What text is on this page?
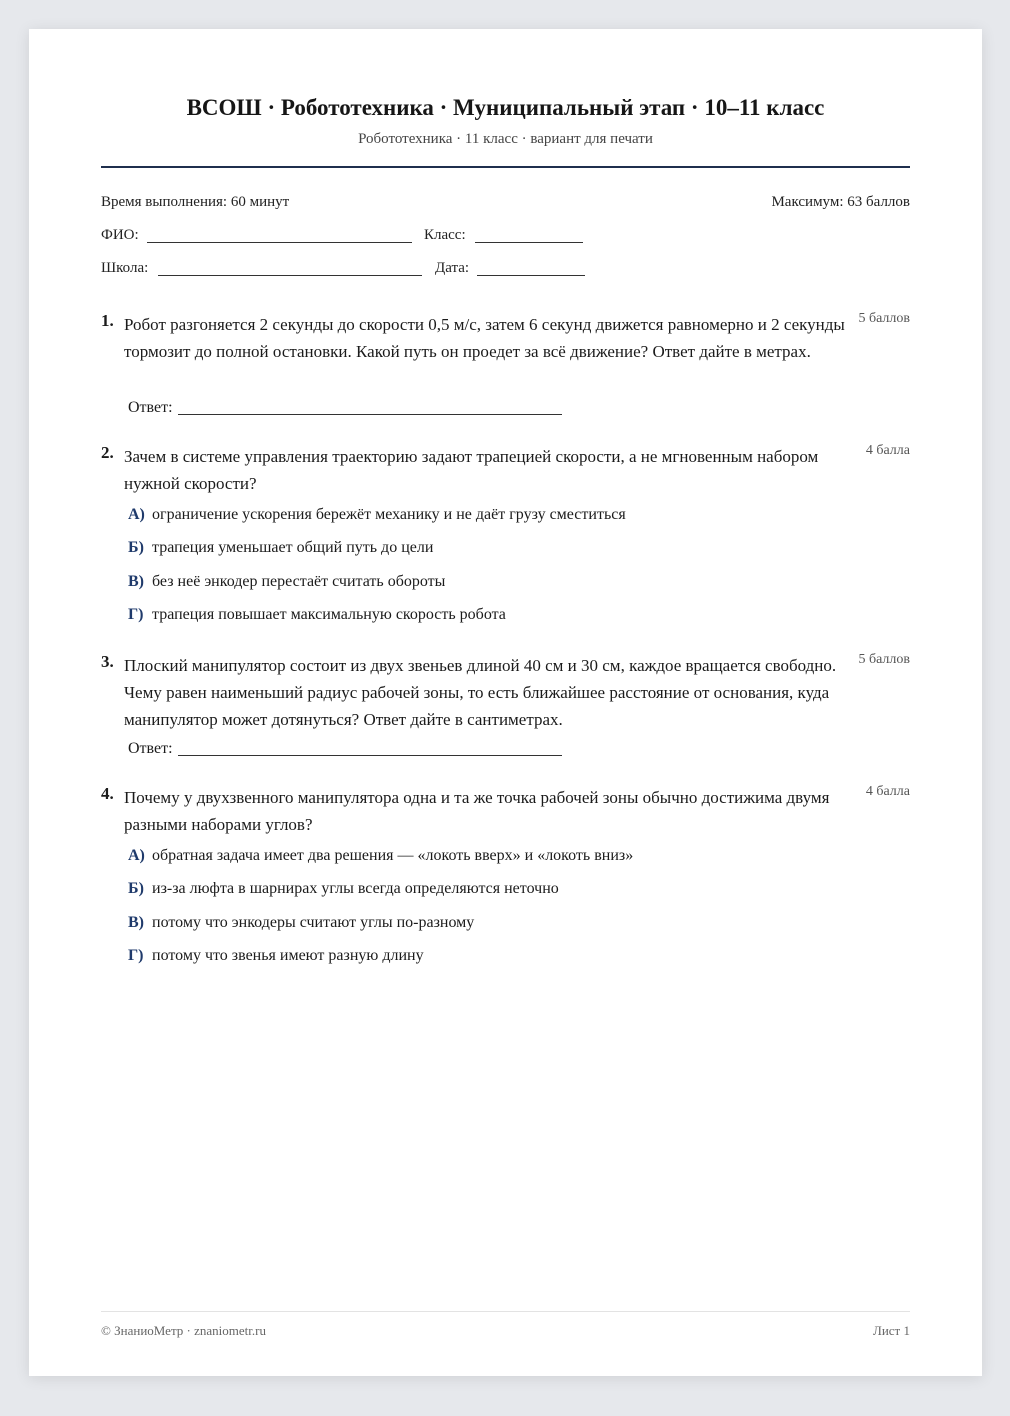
ВСОШ · Робототехника · Муниципальный этап · 10–11 класс
Робототехника · 11 класс · вариант для печати
Время выполнения: 60 минут	Максимум: 63 баллов
ФИО:	Класс:
Школа:	Дата:
1. Робот разгоняется 2 секунды до скорости 0,5 м/с, затем 6 секунд движется равномерно и 2 секунды тормозит до полной остановки. Какой путь он проедет за всё движение? Ответ дайте в метрах.
5 баллов
Ответ:
2. Зачем в системе управления траекторию задают трапецией скорости, а не мгновенным набором нужной скорости?
4 балла
А) ограничение ускорения бережёт механику и не даёт грузу сместиться
Б) трапеция уменьшает общий путь до цели
В) без неё энкодер перестаёт считать обороты
Г) трапеция повышает максимальную скорость робота
3. Плоский манипулятор состоит из двух звеньев длиной 40 см и 30 см, каждое вращается свободно. Чему равен наименьший радиус рабочей зоны, то есть ближайшее расстояние от основания, куда манипулятор может дотянуться? Ответ дайте в сантиметрах.
5 баллов
Ответ:
4. Почему у двухзвенного манипулятора одна и та же точка рабочей зоны обычно достижима двумя разными наборами углов?
4 балла
А) обратная задача имеет два решения — «локоть вверх» и «локоть вниз»
Б) из-за люфта в шарнирах углы всегда определяются неточно
В) потому что энкодеры считают углы по-разному
Г) потому что звенья имеют разную длину
© ЗнаниоМетр · znaniometr.ru	Лист 1
